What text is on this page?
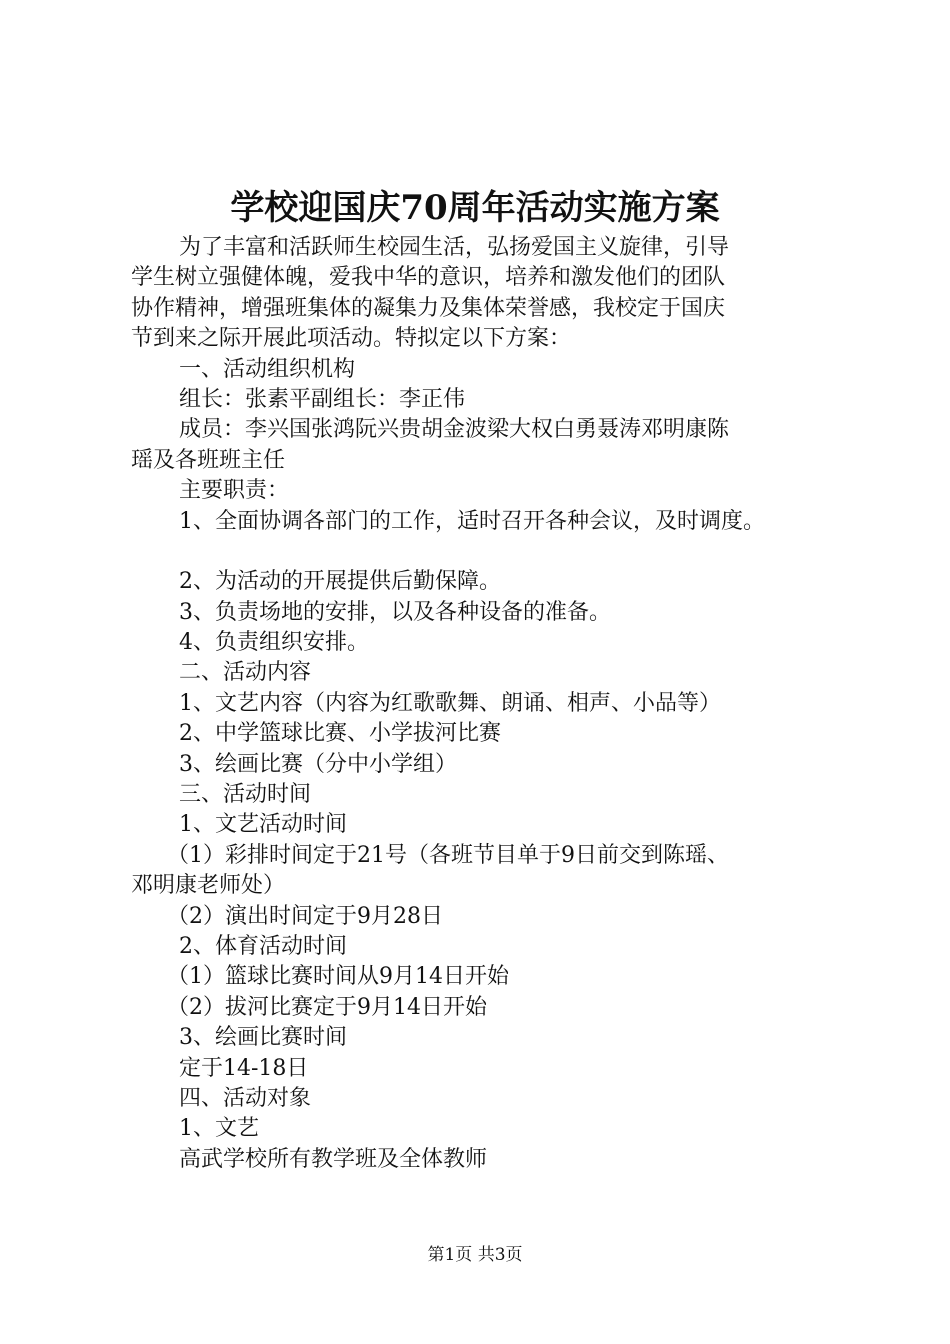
学校迎国庆70周年活动实施方案
为了丰富和活跃师生校园生活，弘扬爱国主义旋律，引导
学生树立强健体魄，爱我中华的意识，培养和激发他们的团队
协作精神，增强班集体的凝集力及集体荣誉感，我校定于国庆
节到来之际开展此项活动。特拟定以下方案：
一、活动组织机构
组长：张素平副组长：李正伟
成员：李兴国张鸿阮兴贵胡金波梁大权白勇聂涛邓明康陈
瑶及各班班主任
主要职责：
1、全面协调各部门的工作，适时召开各种会议，及时调度。
2、为活动的开展提供后勤保障。
3、负责场地的安排，以及各种设备的准备。
4、负责组织安排。
二、活动内容
1、文艺内容（内容为红歌歌舞、朗诵、相声、小品等）
2、中学篮球比赛、小学拔河比赛
3、绘画比赛（分中小学组）
三、活动时间
1、文艺活动时间
（1）彩排时间定于21号（各班节目单于9日前交到陈瑶、
邓明康老师处）
（2）演出时间定于9月28日
2、体育活动时间
（1）篮球比赛时间从9月14日开始
（2）拔河比赛定于9月14日开始
3、绘画比赛时间
定于14-18日
四、活动对象
1、文艺
高武学校所有教学班及全体教师
第1页 共3页
